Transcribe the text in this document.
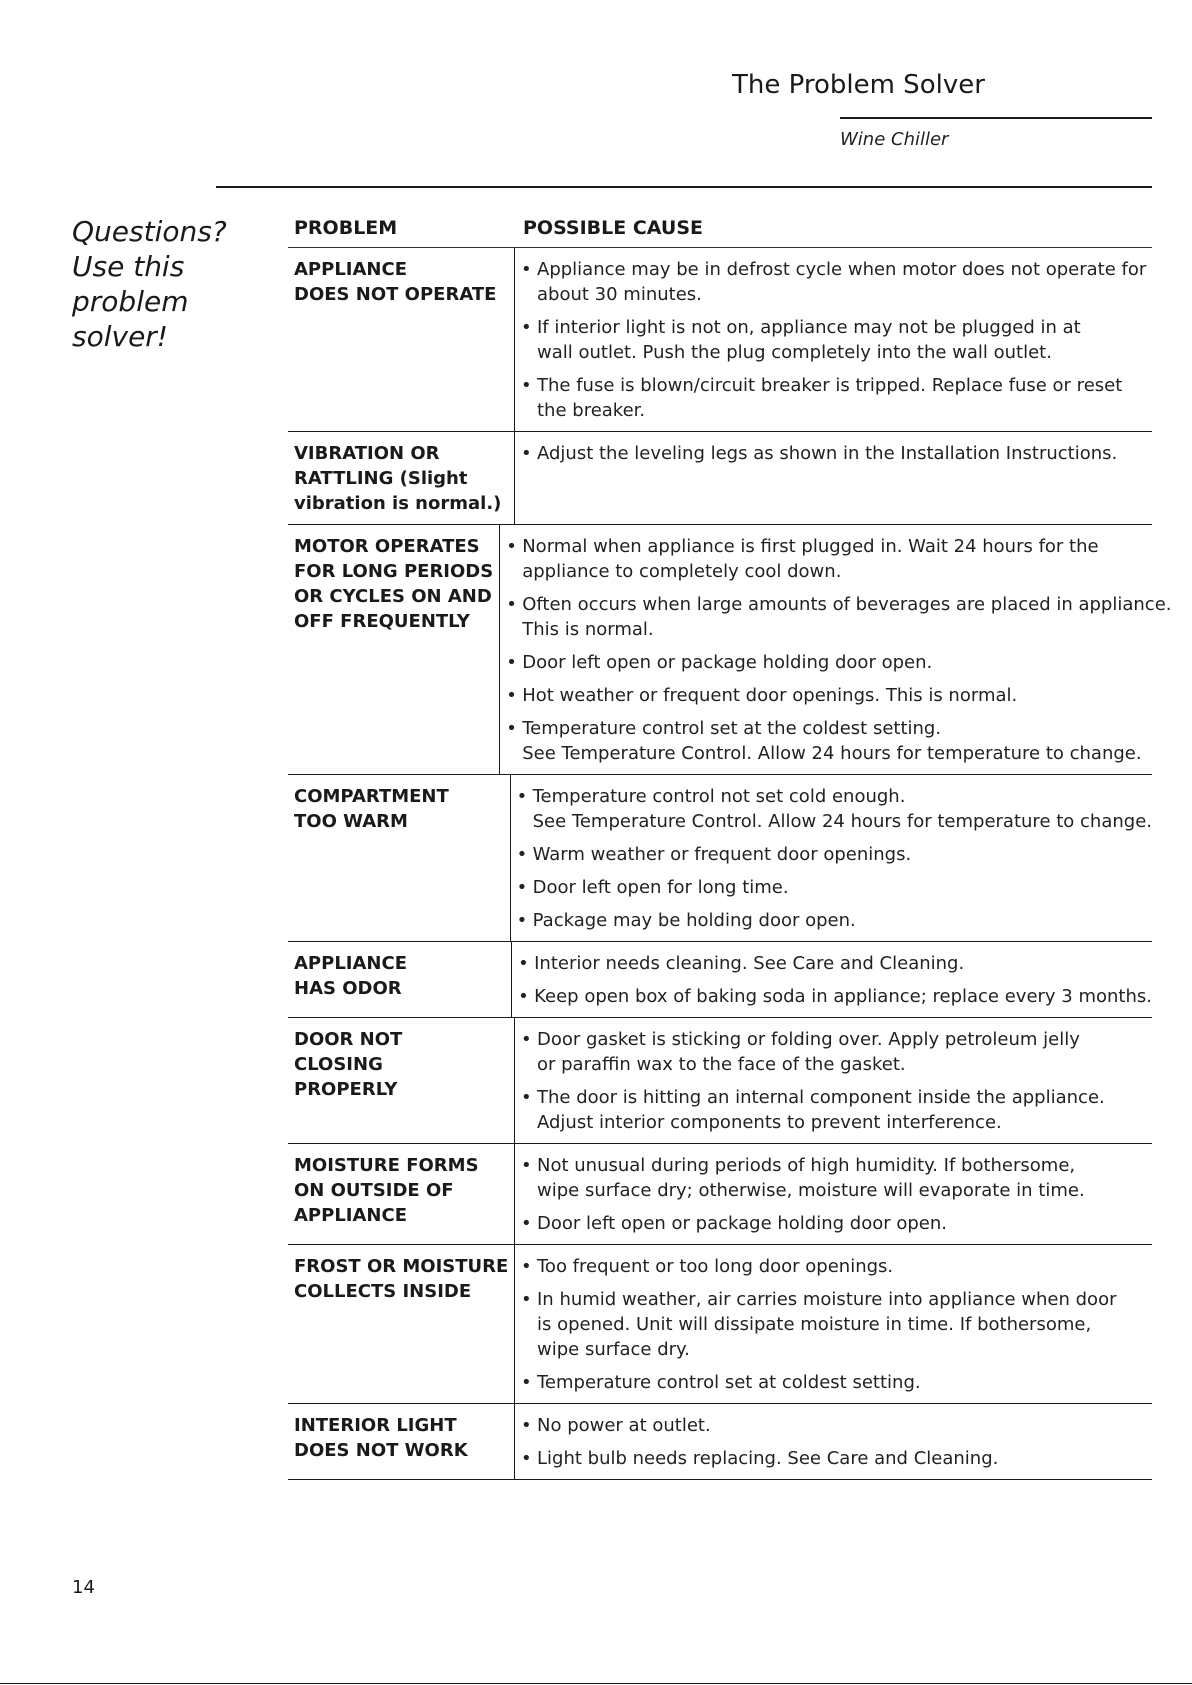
The Problem Solver
Wine Chiller
Questions?
Use this
problem
solver!
PROBLEM	POSSIBLE CAUSE
APPLIANCE
DOES NOT OPERATE
• Appliance may be in defrost cycle when motor does not operate for
about 30 minutes.
• If interior light is not on, appliance may not be plugged in at
wall outlet. Push the plug completely into the wall outlet.
• The fuse is blown/circuit breaker is tripped. Replace fuse or reset
the breaker.
VIBRATION OR
RATTLING (Slight
vibration is normal.)
• Adjust the leveling legs as shown in the Installation Instructions.
MOTOR OPERATES
FOR LONG PERIODS
OR CYCLES ON AND
OFF FREQUENTLY
• Normal when appliance is first plugged in. Wait 24 hours for the
appliance to completely cool down.
• Often occurs when large amounts of beverages are placed in appliance.
This is normal.
• Door left open or package holding door open.
• Hot weather or frequent door openings. This is normal.
• Temperature control set at the coldest setting.
See Temperature Control. Allow 24 hours for temperature to change.
COMPARTMENT
TOO WARM
• Temperature control not set cold enough.
See Temperature Control. Allow 24 hours for temperature to change.
• Warm weather or frequent door openings.
• Door left open for long time.
• Package may be holding door open.
APPLIANCE
HAS ODOR
• Interior needs cleaning. See Care and Cleaning.
• Keep open box of baking soda in appliance; replace every 3 months.
DOOR NOT
CLOSING
PROPERLY
• Door gasket is sticking or folding over. Apply petroleum jelly
or paraffin wax to the face of the gasket.
• The door is hitting an internal component inside the appliance.
Adjust interior components to prevent interference.
MOISTURE FORMS
ON OUTSIDE OF
APPLIANCE
• Not unusual during periods of high humidity. If bothersome,
wipe surface dry; otherwise, moisture will evaporate in time.
• Door left open or package holding door open.
FROST OR MOISTURE
COLLECTS INSIDE
• Too frequent or too long door openings.
• In humid weather, air carries moisture into appliance when door
is opened. Unit will dissipate moisture in time. If bothersome,
wipe surface dry.
• Temperature control set at coldest setting.
INTERIOR LIGHT
DOES NOT WORK
• No power at outlet.
• Light bulb needs replacing. See Care and Cleaning.
14
